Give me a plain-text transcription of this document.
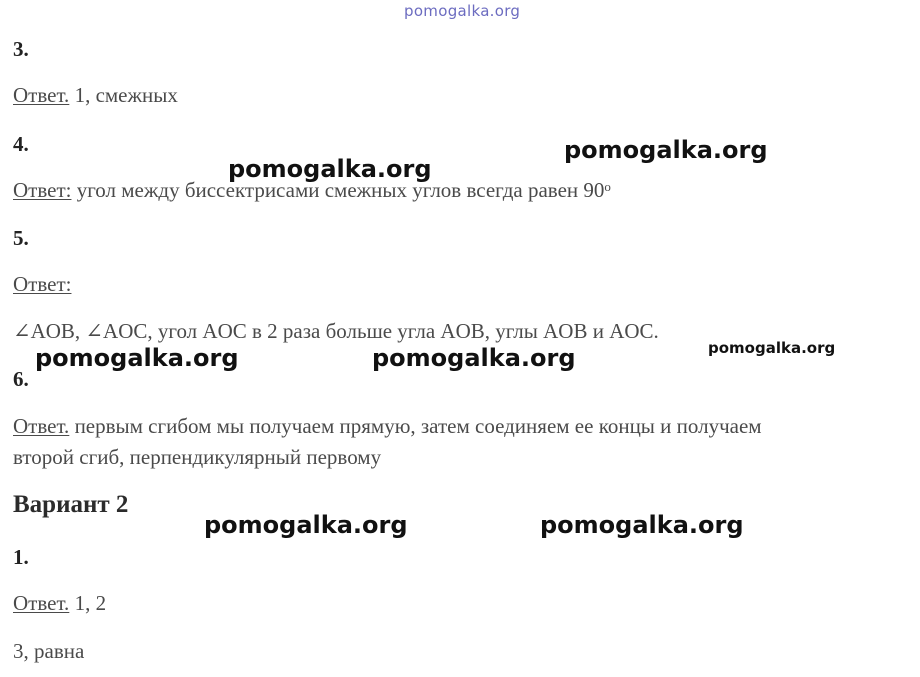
pomogalka.org
3.
Ответ. 1, смежных
4.
Ответ: угол между биссектрисами смежных углов всегда равен $90^о$
5.
Ответ:
∠AOB, ∠AOC, угол AOC в 2 раза больше угла AOB, углы AOB и AOC.
6.
Ответ. первым сгибом мы получаем прямую, затем соединяем ее концы и получаем
второй сгиб, перпендикулярный первому
Вариант 2
1.
Ответ. 1, 2
3, равна
pomogalka.org
pomogalka.org
pomogalka.org	pomogalka.org	pomogalka.org
pomogalka.org	pomogalka.org
